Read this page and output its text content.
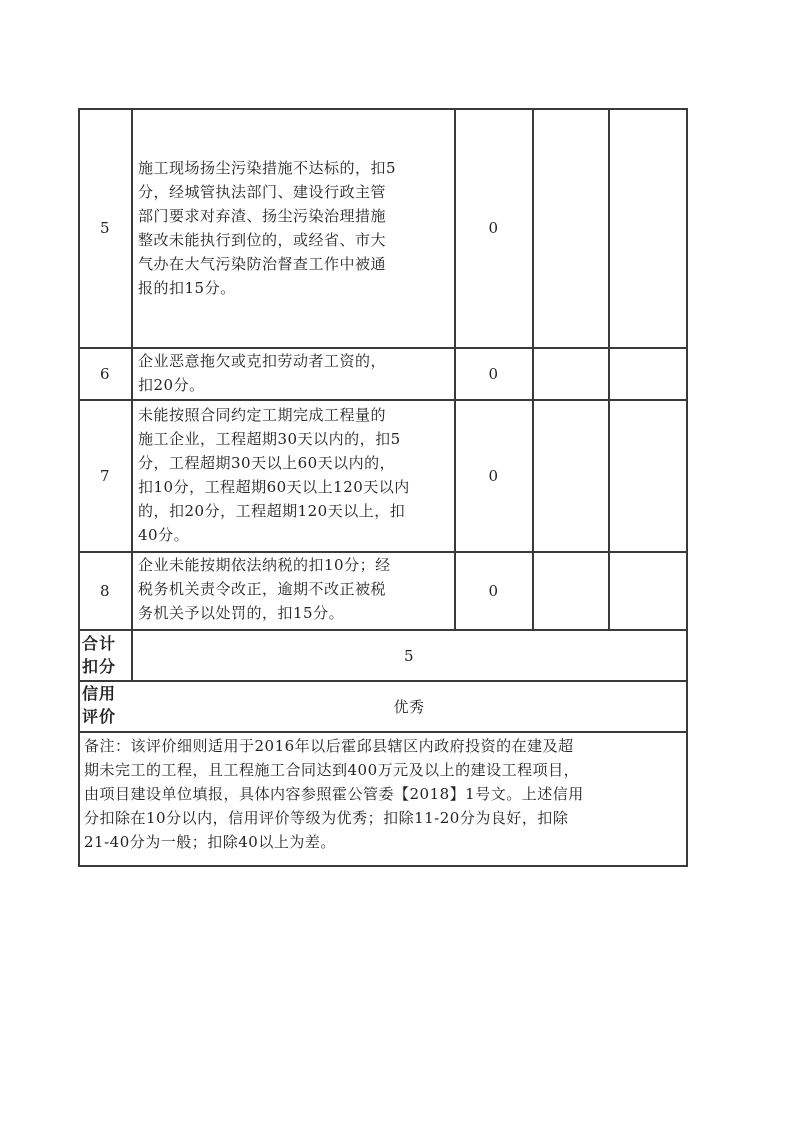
5
施工现场扬尘污染措施不达标的，扣5
分，经城管执法部门、建设行政主管
部门要求对弃渣、扬尘污染治理措施
整改未能执行到位的，或经省、市大
气办在大气污染防治督查工作中被通
报的扣15分。
0
6
企业恶意拖欠或克扣劳动者工资的，
扣20分。
0
7
未能按照合同约定工期完成工程量的
施工企业，工程超期30天以内的，扣5
分，工程超期30天以上60天以内的，
扣10分，工程超期60天以上120天以内
的，扣20分，工程超期120天以上，扣
40分。
0
8
企业未能按期依法纳税的扣10分；经
税务机关责令改正，逾期不改正被税
务机关予以处罚的，扣15分。
0
合计
扣分
5
信用
评价

优秀
备注：该评价细则适用于2016年以后霍邱县辖区内政府投资的在建及超
期未完工的工程，且工程施工合同达到400万元及以上的建设工程项目，
由项目建设单位填报，具体内容参照霍公管委【2018】1号文。上述信用
分扣除在10分以内，信用评价等级为优秀；扣除11-20分为良好，扣除
21-40分为一般；扣除40以上为差。
